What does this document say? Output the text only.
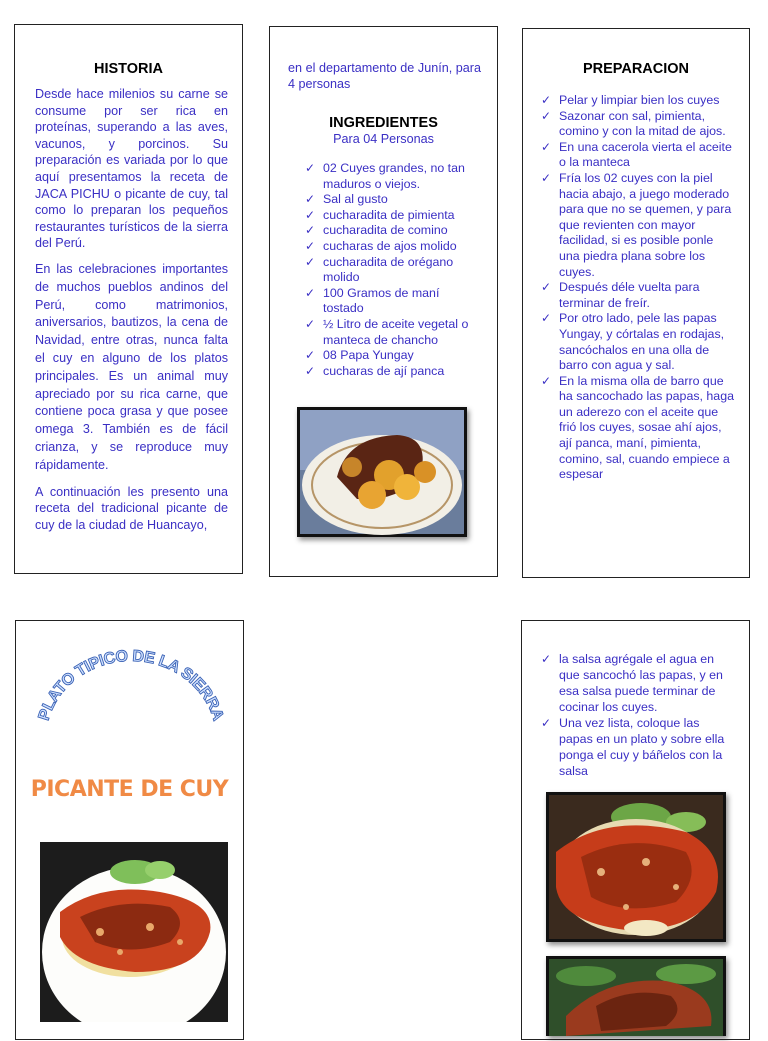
HISTORIA

Desde hace milenios su carne se consume por ser rica en proteínas, superando a las aves, vacunos, y porcinos. Su preparación es variada por lo que aquí presentamos la receta de JACA PICHU o picante de cuy, tal como lo preparan los pequeños restaurantes turísticos de la sierra del Perú.

En las celebraciones importantes de muchos pueblos andinos del Perú, como matrimonios, aniversarios, bautizos, la cena de Navidad, entre otras, nunca falta el cuy en alguno de los platos principales. Es un animal muy apreciado por su rica carne, que contiene poca grasa y que posee omega 3. También es de fácil crianza, y se reproduce muy rápidamente.

A continuación les presento una receta del tradicional picante de cuy de la ciudad de Huancayo,

en el departamento de Junín, para 4 personas

INGREDIENTES
Para 04 Personas
✓ 02 Cuyes grandes, no tan maduros o viejos.
✓ Sal al gusto
✓ cucharadita de pimienta
✓ cucharadita de comino
✓ cucharas de ajos molido
✓ cucharadita de orégano molido
✓ 100 Gramos de maní tostado
✓ ½ Litro de aceite vegetal o manteca de chancho
✓ 08 Papa Yungay
✓ cucharas de ají panca
PREPARACION
✓ Pelar y limpiar bien los cuyes
✓ Sazonar con sal, pimienta, comino y con la mitad de ajos.
✓ En una cacerola vierta el aceite o la manteca
✓ Fría los 02 cuyes con la piel hacia abajo, a juego moderado para que no se quemen, y para que revienten con mayor facilidad, si es posible ponle una piedra plana sobre los cuyes.
✓ Después déle vuelta para terminar de freír.
✓ Por otro lado, pele las papas Yungay, y córtalas en rodajas, sancóchalos en una olla de barro con agua y sal.
✓ En la misma olla de barro que ha sancochado las papas, haga un aderezo con el aceite que frió los cuyes, sosae ahí ajos, ají panca, maní, pimienta, comino, sal, cuando empiece a espesar
PLATO TIPICO DE LA SIERRA
PICANTE DE CUY
✓ la salsa agrégale el agua en que sancochó las papas, y en esa salsa puede terminar de cocinar los cuyes.
✓ Una vez lista, coloque las papas en un plato y sobre ella ponga el cuy y báñelos con la salsa
